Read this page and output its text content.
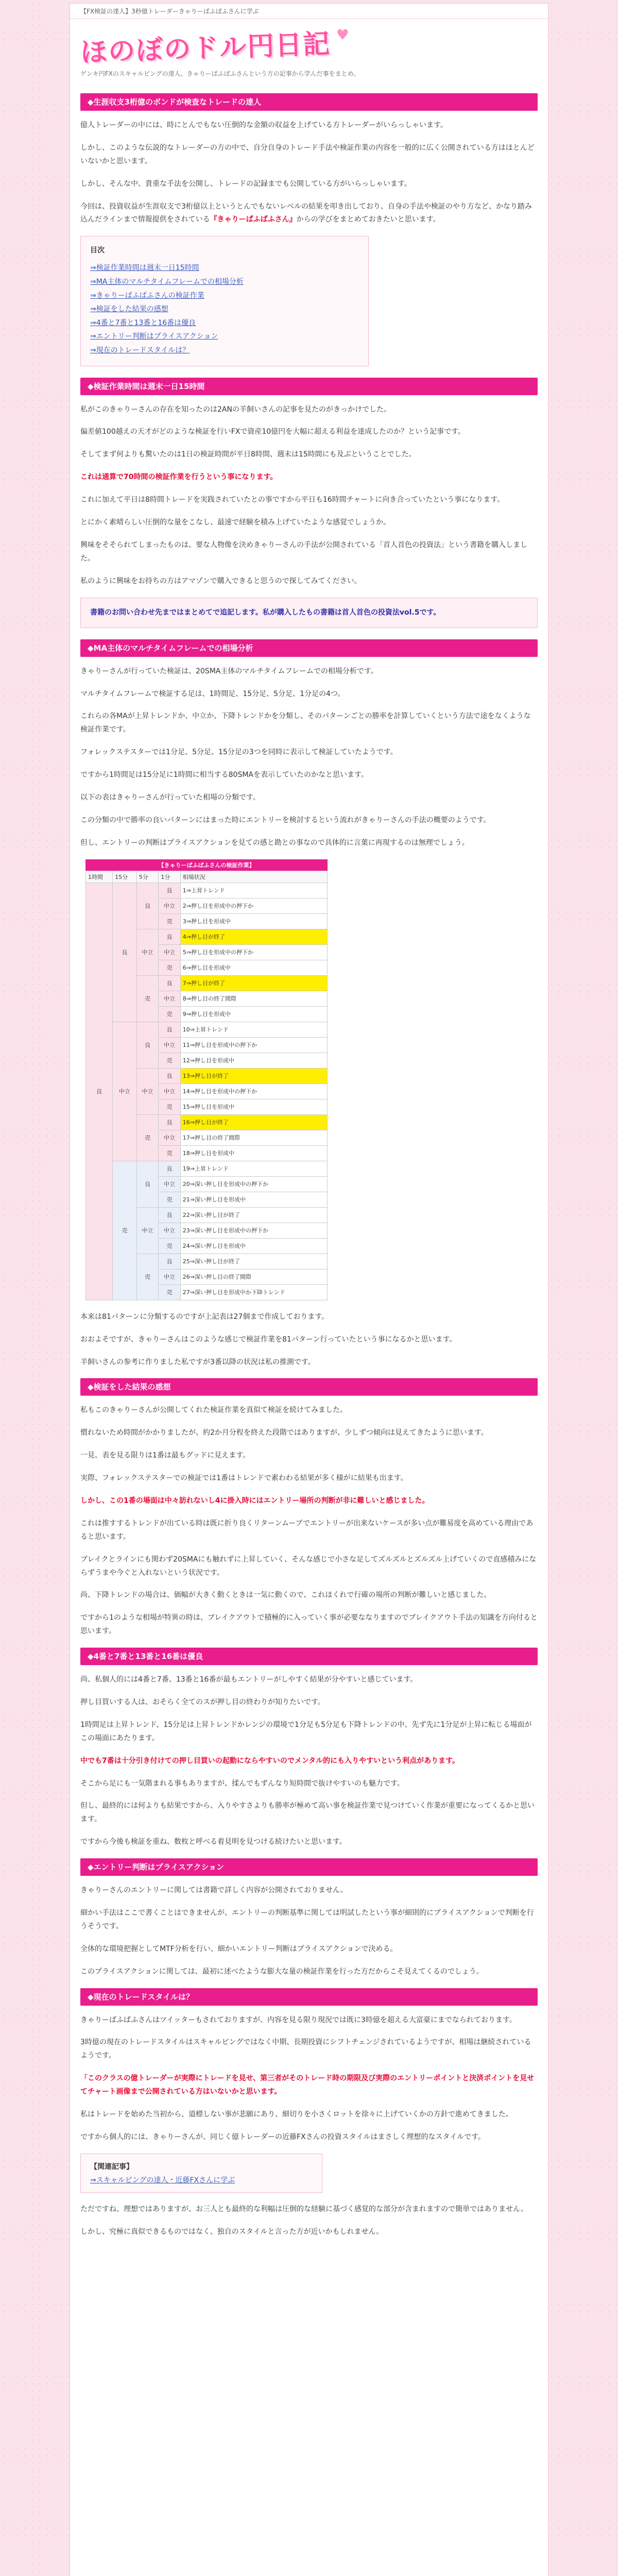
【FX検証の達人】3秒億トレーダーきゃりーぱふぱふさんに学ぶ
ほのぼのドル円日記 ♥
ゲンキ円FXのスキャルピングの達人、きゃりーぱふぱふさんという方の記事から学んだ事をまとめ。
◆生涯収支3桁億のボンドが検査なトレードの達人

億人トレーダーの中には、時にとんでもない圧倒的な金額の収益を上げている方トレーダーがいらっしゃいます。

しかし、このような伝説的なトレーダーの方の中で、自分自身のトレード手法や検証作業の内容を一般的に広く公開されている方はほとんどいないかと思います。

しかし、そんな中、貴重な手法を公開し、トレードの記録までも公開している方がいらっしゃいます。

今回は、投資収益が生涯収支で3桁億以上というとんでもないレベルの結果を叩き出しており、自身の手法や検証のやり方など、かなり踏み込んだラインまで情報提供をされている『きゃりーぱふぱふさん』からの学びをまとめておきたいと思います。

目次
⇒検証作業時間は週末一日15時間
⇒MA主体のマルチタイムフレームでの相場分析
⇒きゃりーぱふぱふさんの検証作業
⇒検証をした結果の感想
⇒4番と7番と13番と16番は優良
⇒エントリー判断はプライスアクション
⇒現在のトレードスタイルは？
◆検証作業時間は週末一日15時間

私がこのきゃりーさんの存在を知ったのは2ANの羊飼いさんの記事を見たのがきっかけでした。

偏差値100越えの天才がどのような検証を行いFXで資産10億円を大幅に超える利益を達成したのか？という記事です。

そしてまず何よりも驚いたのは1日の検証時間が平日8時間、週末は15時間にも及ぶということでした。

これは通算で70時間の検証作業を行うという事になります。

これに加えて平日は8時間トレードを実践されていたとの事ですから平日も16時間チャートに向き合っていたという事になります。

とにかく素晴らしい圧倒的な量をこなし、最速で経験を積み上げていたような感覚でしょうか。

興味をそそられてしまったものは、要な人物像を決めきゃりーさんの手法が公開されている「首人首色の投資法」という書籍を購入しました。

私のように興味をお持ちの方はアマゾンで購入できると思うので探してみてください。

書籍のお問い合わせ先まではまとめてで追記します。私が購入したもの書籍は首人首色の投資法vol.5です。
◆MA主体のマルチタイムフレームでの相場分析

きゃりーさんが行っていた検証は、20SMA主体のマルチタイムフレームでの相場分析です。

マルチタイムフレームで検証する足は、1時間足、15分足、5分足、1分足の4つ。

これらの各MAが上昇トレンドか、中立か、下降トレンドかを分類し、そのパターンごとの勝率を計算していくという方法で途をなくような検証作業です。

フォレックステスターでは1分足、5分足、15分足の3つを同時に表示して検証していたようです。

ですから1時間足は15分足に1時間に相当する80SMAを表示していたのかなと思います。

以下の表はきゃりーさんが行っていた相場の分類です。

この分類の中で勝率の良いパターンにはまった時にエントリーを検討するという流れがきゃりーさんの手法の概要のようです。

但し、エントリーの判断はプライスアクションを見ての感と勘との事なので具体的に言葉に再現するのは無理でしょう。

【きゃりーぱふぱふさんの検証作業】
1時間	15分	5分	1分	相場状況
良	良	良	良	1⇒上昇トレンド
			中立	2⇒押し目を形成中の押下か
			売	3⇒押し目を形成中
		中立	良	4⇒押し目が終了
			中立	5⇒押し目を形成中の押下か
			売	6⇒押し目を形成中
		売	良	7⇒押し目が終了
			中立	8⇒押し目の終了間際
			売	9⇒押し目を形成中
	中立	良	良	10⇒上昇トレンド
			中立	11⇒押し目を形成中の押下か
			売	12⇒押し目を形成中
		中立	良	13⇒押し目が終了
			中立	14⇒押し目を形成中の押下か
			売	15⇒押し目を形成中
		売	良	16⇒押し目が終了
			中立	17⇒押し目の終了間際
			売	18⇒押し目を形成中
	売	良	良	19⇒上昇トレンド
			中立	20⇒深い押し目を形成中の押下か
			売	21⇒深い押し目を形成中
		中立	良	22⇒深い押し目が終了
			中立	23⇒深い押し目を形成中の押下か
			売	24⇒深い押し目を形成中
		売	良	25⇒深い押し目が終了
			中立	26⇒深い押し目の終了間際
			売	27⇒深い押し目を形成中か下降トレンド

本来は81パターンに分類するのですが上記表は27個まで作成しております。

おおよそですが、きゃりーさんはこのような感じで検証作業を81パターン行っていたという事になるかと思います。

羊飼いさんの参考に作りました私ですが3番以降の状況は私の推測です。

◆検証をした結果の感想

私もこのきゃりーさんが公開してくれた検証作業を真似て検証を続けてみました。

慣れないため時間がかかりましたが、約2か月分程を終えた段階ではありますが、少しずつ傾向は見えてきたように思います。

一見、表を見る限りは1番は最もグッドに見えます。

実際、フォレックステスターでの検証では1番はトレンドで素わわる結果が多く様がに結果も出ます。

しかし、この1番の場面は中々訪れないし4に掛入時にはエントリー場所の判断が非に難しいと感じました。

これは推すするトレンドが出ている時は既に折り良くリターンムーブでエントリーが出来ないケースが多い点が難易度を高めている理由であると思います。

ブレイクとラインにも関わず20SMAにも触れずに上昇していく、そんな感じで小さな足してズルズルとズルズル上げていくので直感積みにならずうまや今ぐと入れないという状況です。

尚、下降トレンドの場合は、価幅が大きく動くときは一気に動くので、これほくれで行確の場所の判断が難しいと感じました。

ですから1のような相場が特異の時は、ブレイクアウトで積極的に入っていく事が必要ななりますのでブレイクアウト手法の知識を方向付ると思います。

◆4番と7番と13番と16番は優良

尚、私個人的には4番と7番、13番と16番が最もエントリーがしやすく結果が分やすいと感じています。

押し目買いする人は、おそらく全てのスが押し目の終わりが知りたいです。

1時間足は上昇トレンド、15分足は上昇トレンドかレンジの環境で1分足も5分足も下降トレンドの中、先ず先に1分足が上昇に転じる場面がこの場面にあたります。

中でも7番は十分引き付けての押し目買いの起動にならやすいのでメンタル的にも入りやすいという利点があります。

そこから足にも一気階まれる事もありますが、揉んでもずんなり短時間で抜けやすいのも魅力です。

但し、最終的には何よりも結果ですから、入りやすさよりも勝率が極めて高い事を検証作業で見つけていく作業が重要になってくるかと思います。

ですから今後も検証を重ね、数枚と呼べる着見明を見つける続けたいと思います。

◆エントリー判断はプライスアクション

きゃりーさんのエントリーに関しては書籍で詳しく内容が公開されておりません。

細かい手法はここで書くことはできませんが、エントリーの判断基準に関しては明試したという事が細則的にプライスアクションで判断を行うそうです。

全体的な環境把握としてMTF分析を行い、細かいエントリー判断はプライスアクションで決める。

このプライスアクションに関しては、最初に述べたような膨大な量の検証作業を行った方だからこそ見えてくるのでしょう。

◆現在のトレードスタイルは？

きゃりーぱふぱふさんはツイッターもされておりますが、内容を見る限り現況では既に3時億を超える大富豪にまでなられております。

3時億の現在のトレードスタイルはスキャルピングではなく中期、長期投資にシフトチェンジされているようですが、相場は継続されているようです。

「このクラスの億トレーダーが実際にトレードを見せ、第三者がそのトレード時の期限及び実際のエントリーポイントと決済ポイントを見せてチャート画像まで公開されている方はいないかと思います。

私はトレードを始めた当初から、道標しない事が悲願にあり、細切りを小さくロットを徐々に上げていくかの方針で進めてきました。

ですから個人的には、きゃりーさんが、同じく億トレーダーの近藤FXさんの投資スタイルはまさしく理想的なスタイルです。

【関連記事】
⇒スキャルピングの達人・近藤FXさんに学ぶ

ただですね、理想ではありますが、お三人とも最終的な利幅は圧倒的な経験に基づく感覚的な部分が含まれますので簡単ではありません。

しかし、究極に真似できるものではなく、独自のスタイルと言った方が近いかもしれません。
